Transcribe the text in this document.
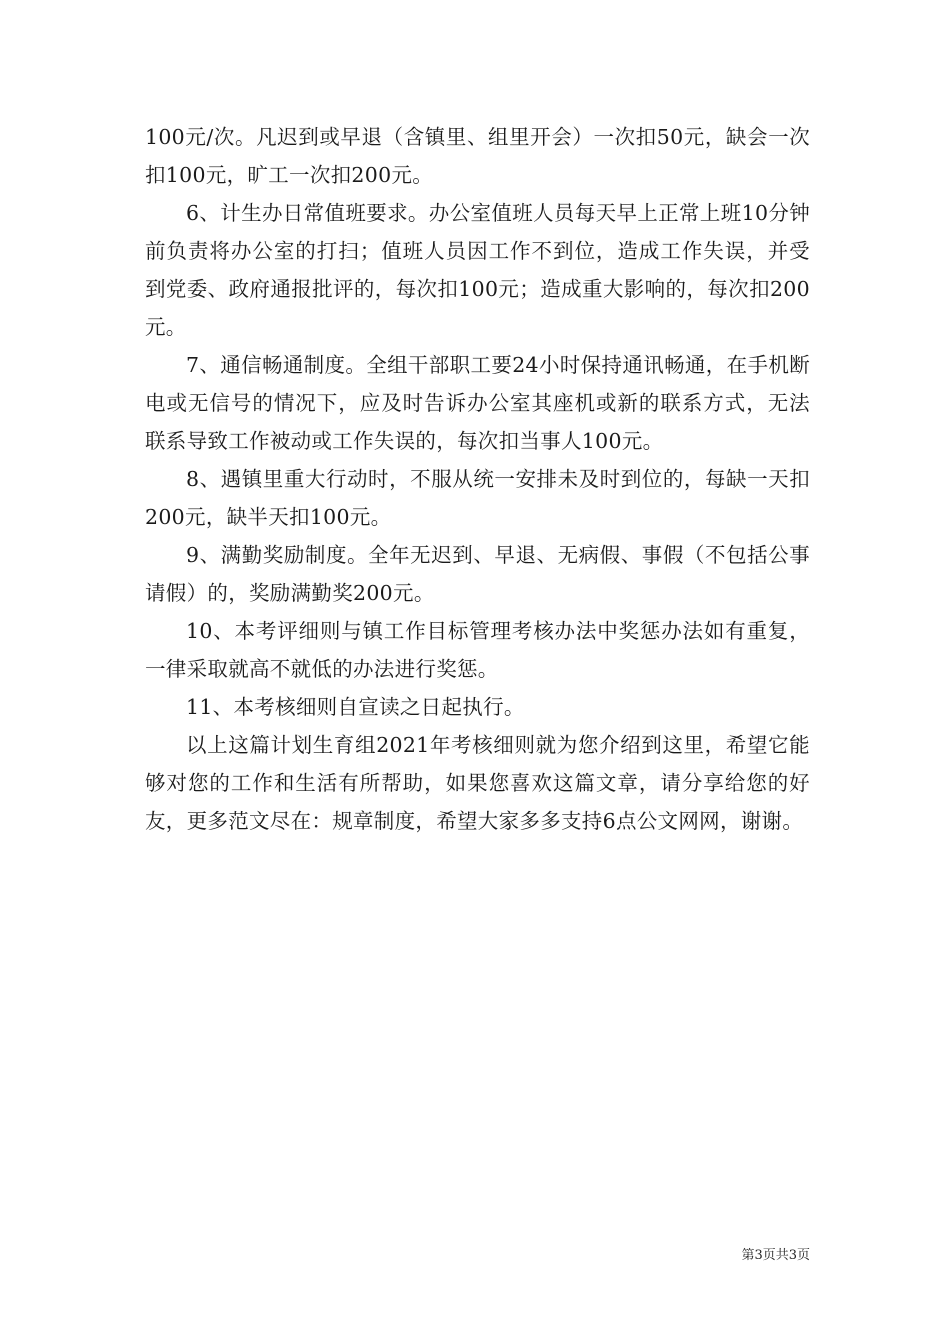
100元/次。凡迟到或早退（含镇里、组里开会）一次扣50元，缺会一次扣100元，旷工一次扣200元。

6、计生办日常值班要求。办公室值班人员每天早上正常上班10分钟前负责将办公室的打扫；值班人员因工作不到位，造成工作失误，并受到党委、政府通报批评的，每次扣100元；造成重大影响的，每次扣200元。

7、通信畅通制度。全组干部职工要24小时保持通讯畅通，在手机断电或无信号的情况下，应及时告诉办公室其座机或新的联系方式，无法联系导致工作被动或工作失误的，每次扣当事人100元。

8、遇镇里重大行动时，不服从统一安排未及时到位的，每缺一天扣200元，缺半天扣100元。

9、满勤奖励制度。全年无迟到、早退、无病假、事假（不包括公事请假）的，奖励满勤奖200元。

10、本考评细则与镇工作目标管理考核办法中奖惩办法如有重复，一律采取就高不就低的办法进行奖惩。

11、本考核细则自宣读之日起执行。

以上这篇计划生育组2021年考核细则就为您介绍到这里，希望它能够对您的工作和生活有所帮助，如果您喜欢这篇文章，请分享给您的好友，更多范文尽在：规章制度，希望大家多多支持6点公文网网，谢谢。

第3页共3页
